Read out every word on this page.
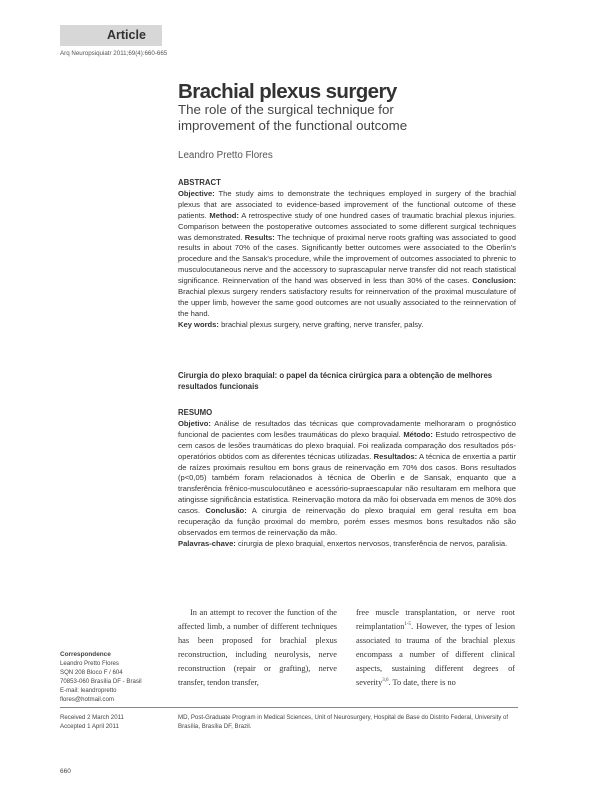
Article
Arq Neuropsiquiatr 2011;69(4):660-665
Brachial plexus surgery
The role of the surgical technique for improvement of the functional outcome
Leandro Pretto Flores
ABSTRACT
Objective: The study aims to demonstrate the techniques employed in surgery of the brachial plexus that are associated to evidence-based improvement of the functional outcome of these patients. Method: A retrospective study of one hundred cases of traumatic brachial plexus injuries. Comparison between the postoperative outcomes associated to some different surgical techniques was demonstrated. Results: The technique of proximal nerve roots grafting was associated to good results in about 70% of the cases. Significantly better outcomes were associated to the Oberlin's procedure and the Sansak's procedure, while the improvement of outcomes associated to phrenic to musculocutaneous nerve and the accessory to suprascapular nerve transfer did not reach statistical significance. Reinnervation of the hand was observed in less than 30% of the cases. Conclusion: Brachial plexus surgery renders satisfactory results for reinnervation of the proximal musculature of the upper limb, however the same good outcomes are not usually associated to the reinnervation of the hand.
Key words: brachial plexus surgery, nerve grafting, nerve transfer, palsy.
Cirurgia do plexo braquial: o papel da técnica cirúrgica para a obtenção de melhores resultados funcionais
RESUMO
Objetivo: Análise de resultados das técnicas que comprovadamente melhoraram o prognóstico funcional de pacientes com lesões traumáticas do plexo braquial. Método: Estudo retrospectivo de cem casos de lesões traumáticas do plexo braquial. Foi realizada comparação dos resultados pós-operatórios obtidos com as diferentes técnicas utilizadas. Resultados: A técnica de enxertia a partir de raízes proximais resultou em bons graus de reinervação em 70% dos casos. Bons resultados (p<0,05) também foram relacionados à técnica de Oberlin e de Sansak, enquanto que a transferência frênico-musculocutâneo e acessório-supraescapular não resultaram em melhora que atingisse significância estatística. Reinervação motora da mão foi observada em menos de 30% dos casos. Conclusão: A cirurgia de reinervação do plexo braquial em geral resulta em boa recuperação da função proximal do membro, porém esses mesmos bons resultados não são observados em termos de reinervação da mão.
Palavras-chave: cirurgia de plexo braquial, enxertos nervosos, transferência de nervos, paralisia.
In an attempt to recover the function of the affected limb, a number of different techniques has been proposed for brachial plexus reconstruction, including neurolysis, nerve reconstruction (repair or grafting), nerve transfer, tendon transfer,
free muscle transplantation, or nerve root reimplantation$^{1-5}$. However, the types of lesion associated to trauma of the brachial plexus encompass a number of different clinical aspects, sustaining different degrees of severity$^{3,6}$. To date, there is no
Correspondence
Leandro Pretto Flores
SQN 208 Bloco F / 604
70853-060 Brasília DF - Brasil
E-mail: leandropretto flores@hotmail.com
Received 2 March 2011
Accepted 1 April 2011
MD, Post-Graduate Program in Medical Sciences, Unit of Neurosurgery, Hospital de Base do Distrito Federal, University of Brasília, Brasília DF, Brazil.
660
